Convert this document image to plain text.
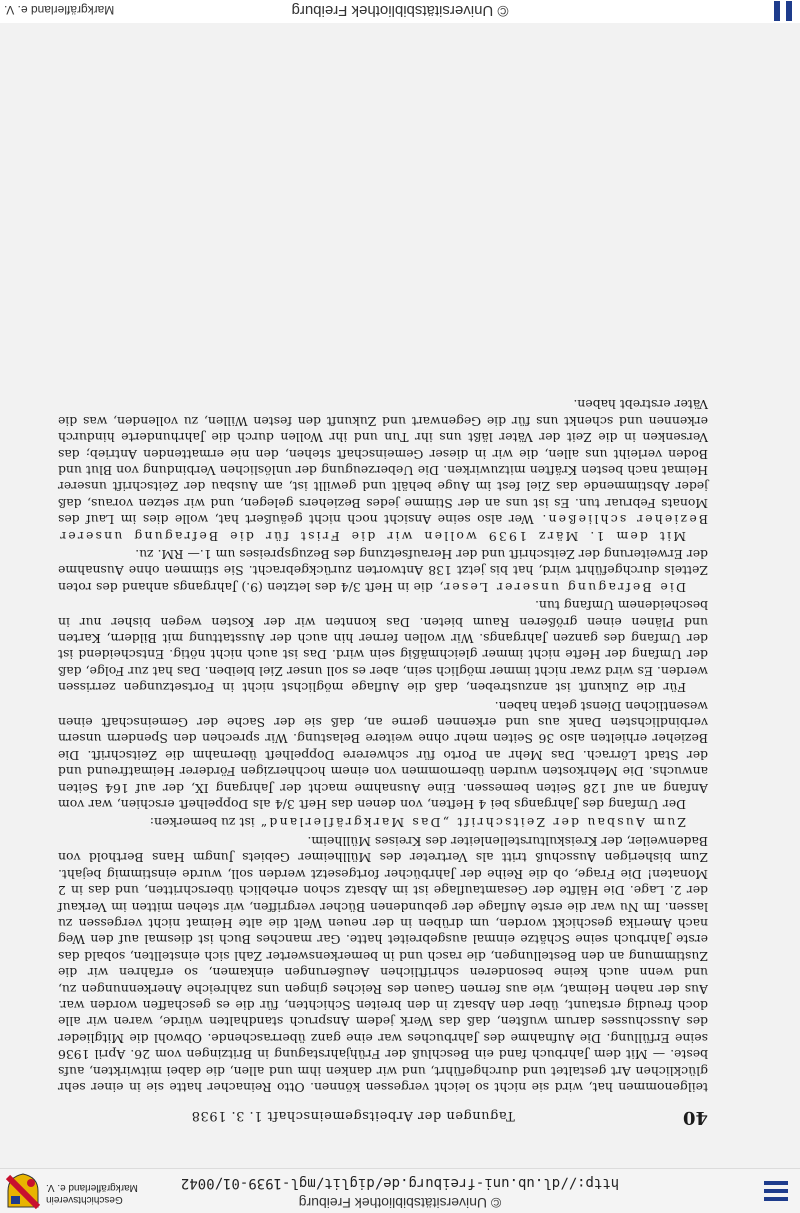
© Universitätsbibliothek Freiburg
http://dl.ub.uni-freiburg.de/diglit/mgl-1939-01/0042
Geschichtsverein
Markgräflerland e. V.
© Universitätsbibliothek Freiburg
Markgräflerland e. V.
40
Tagungen der Arbeitsgemeinschaft 1. 3. 1938

teilgenommen hat, wird sie nicht so leicht vergessen können. Otto Reinacher hatte sie in einer sehr glücklichen Art gestaltet und durchgeführt, und wir danken ihm und allen, die dabei mitwirkten, aufs beste. — Mit dem Jahrbuch fand ein Beschluß der Frühjahrstagung in Britzingen vom 26. April 1936 seine Erfüllung. Die Aufnahme des Jahrbuches war eine ganz überraschende. Obwohl die Mitglieder des Ausschusses darum wußten, daß das Werk jedem Anspruch standhalten würde, waren wir alle doch freudig erstaunt, über den Absatz in den breiten Schichten, für die es geschaffen worden war. Aus der nahen Heimat, wie aus fernen Gauen des Reiches gingen uns zahlreiche Anerkennungen zu, und wenn auch keine besonderen schriftlichen Aeußerungen einkamen, so erfahren wir die Zustimmung an den Bestellungen, die rasch und in bemerkenswerter Zahl sich einstellten, sobald das erste Jahrbuch seine Schätze einmal ausgebreitet hatte. Gar manches Buch ist diesmal auf den Weg nach Amerika geschickt worden, um drüben in der neuen Welt die alte Heimat nicht vergessen zu lassen. Im Nu war die erste Auflage der gebundenen Bücher vergriffen, wir stehen mitten im Verkauf der 2. Lage. Die Hälfte der Gesamtauflage ist im Absatz schon erheblich überschritten, und das in 2 Monaten! Die Frage, ob die Reihe der Jahrbücher fortgesetzt werden soll, wurde einstimmig bejaht. Zum bisherigen Ausschuß tritt als Vertreter des Müllheimer Gebiets Jungm Hans Berthold von Badenweiler, der Kreiskulturstellenleiter des Kreises Müllheim.

Zum Ausbau der Zeitschrift „Das Markgräflerland“ ist zu bemerken:

Der Umfang des Jahrgangs bei 4 Heften, von denen das Heft 3/4 als Doppelheft erschien, war vom Anfang an auf 128 Seiten bemessen. Eine Ausnahme macht der Jahrgang IX, der auf 164 Seiten anwuchs. Die Mehrkosten wurden übernommen von einem hochherzigen Förderer Heimatfreund und der Stadt Lörrach. Das Mehr an Porto für schwerere Doppelheft übernahm die Zeitschrift. Die Bezieher erhielten also 36 Seiten mehr ohne weitere Belastung. Wir sprechen den Spendern unsern verbindlichsten Dank aus und erkennen gerne an, daß sie der Sache der Gemeinschaft einen wesentlichen Dienst getan haben.

Für die Zukunft ist anzustreben, daß die Auflage möglichst nicht in Fortsetzungen zerrissen werden. Es wird zwar nicht immer möglich sein, aber es soll unser Ziel bleiben. Das hat zur Folge, daß der Umfang der Hefte nicht immer gleichmäßig sein wird. Das ist auch nicht nötig. Entscheidend ist der Umfang des ganzen Jahrgangs. Wir wollen ferner hin auch der Ausstattung mit Bildern, Karten und Plänen einen größeren Raum bieten. Das konnten wir der Kosten wegen bisher nur in bescheidenem Umfang tun.

Die Befragung unserer Leser, die in Heft 3/4 des letzten (9.) Jahrgangs anhand des roten Zettels durchgeführt wird, hat bis jetzt 138 Antworten zurückgebracht. Sie stimmen ohne Ausnahme der Erweiterung der Zeitschrift und der Heraufsetzung des Bezugspreises um 1.— RM. zu.

Mit dem 1. März 1939 wollen wir die Frist für die Befragung unserer Bezieher schließen. Wer also seine Ansicht noch nicht geäußert hat, wolle dies im Lauf des Monats Februar tun. Es ist uns an der Stimme jedes Beziehers gelegen, und wir setzen voraus, daß jeder Abstimmende das Ziel fest im Auge behält und gewillt ist, am Ausbau der Zeitschrift unserer Heimat nach besten Kräften mitzuwirken. Die Ueberzeugung der unlöslichen Verbindung von Blut und Boden verleiht uns allen, die wir in dieser Gemeinschaft stehen, den nie ermattenden Antrieb; das Versenken in die Zeit der Väter läßt uns ihr Tun und ihr Wollen durch die Jahrhunderte hindurch erkennen und schenkt uns für die Gegenwart und Zukunft den festen Willen, zu vollenden, was die Väter erstrebt haben.
